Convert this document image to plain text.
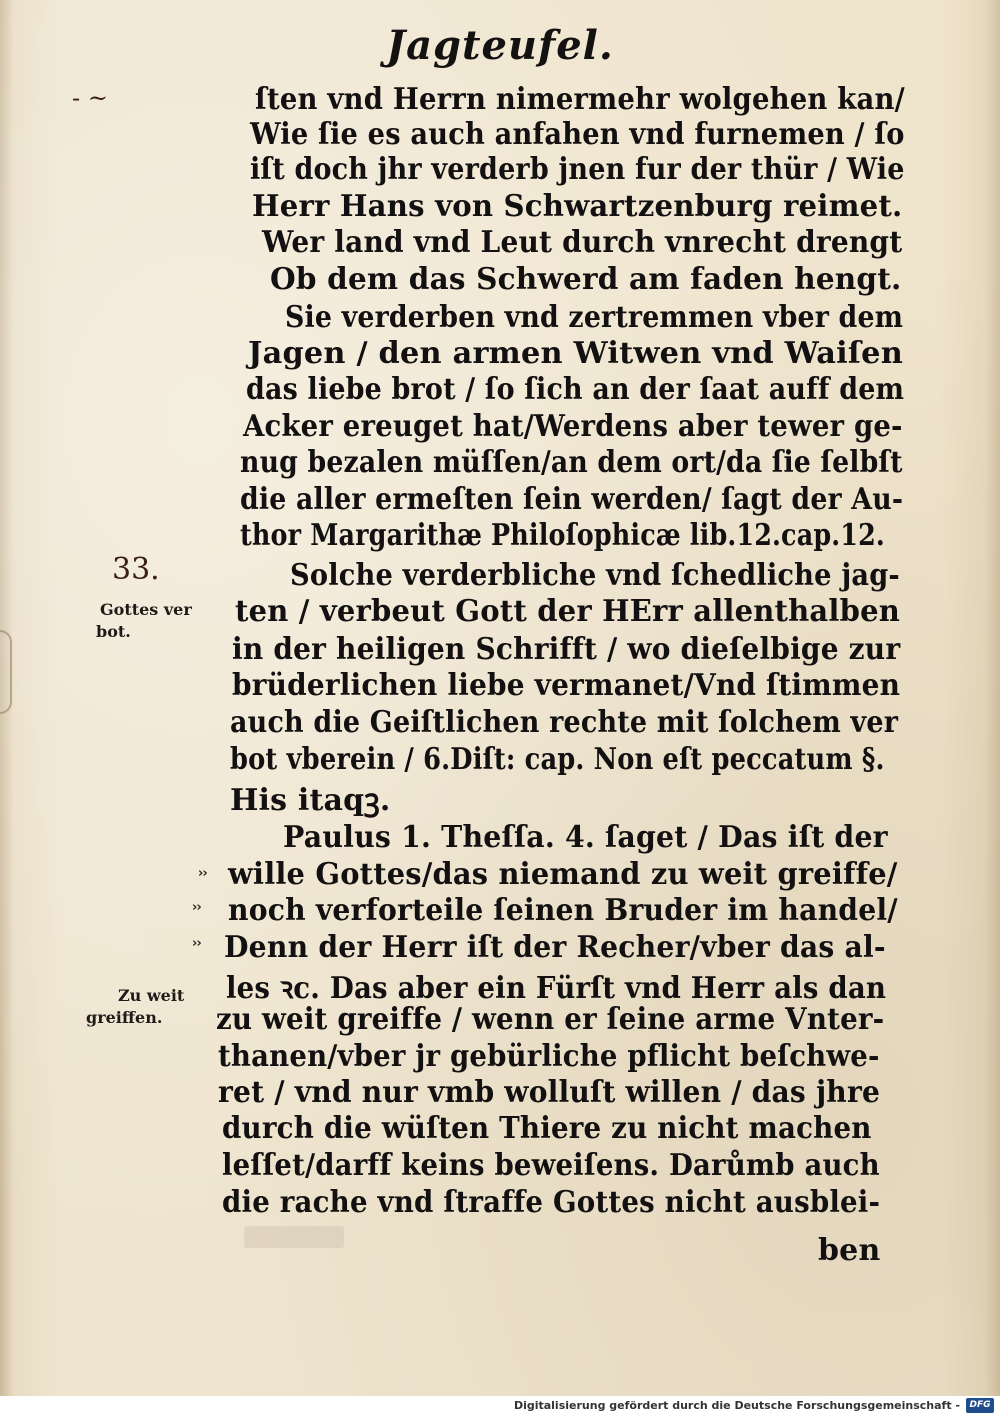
Jagteufel.
- ~
33.
ſten vnd Herrn nimermehr wolgehen kan/
Wie ſie es auch anfahen vnd furnemen / ſo
iſt doch jhr verderb jnen fur der thür / Wie
Herr Hans von Schwartzenburg reimet.
Wer land vnd Leut durch vnrecht drengt
Ob dem das Schwerd am faden hengt.
Sie verderben vnd zertremmen vber dem
Jagen / den armen Witwen vnd Waiſen
das liebe brot / ſo ſich an der ſaat auff dem
Acker ereuget hat/Werdens aber tewer ge-
nug bezalen müſſen/an dem ort/da ſie ſelbſt
die aller ermeſten ſein werden/ ſagt der Au-
thor Margarithæ Philoſophicæ lib.12.cap.12.
Solche verderbliche vnd ſchedliche jag-
ten / verbeut Gott der HErr allenthalben
in der heiligen Schrifft / wo dieſelbige zur
brüderlichen liebe vermanet/Vnd ſtimmen
auch die Geiſtlichen rechte mit ſolchem ver
bot vberein / 6.Diſt: cap. Non eſt peccatum §.
His itaqꝫ.
Paulus 1. Theſſa. 4. ſaget / Das iſt der
wille Gottes/das niemand zu weit greiffe/
noch verforteile ſeinen Bruder im handel/
Denn der Herr iſt der Recher/vber das al-
les ꝛc. Das aber ein Fürſt vnd Herr als dan
zu weit greiffe / wenn er ſeine arme Vnter-
thanen/vber jr gebürliche pflicht beſchwe-
ret / vnd nur vmb wolluſt willen / das jhre
durch die wüſten Thiere zu nicht machen
leſſet/darff keins beweiſens. Darůmb auch
die rache vnd ſtraffe Gottes nicht ausblei-
ben
Gottes ver
bot.
Zu weit
greiffen.
››
››
››
Digitalisierung gefördert durch die Deutsche Forschungsgemeinschaft -	DFG
